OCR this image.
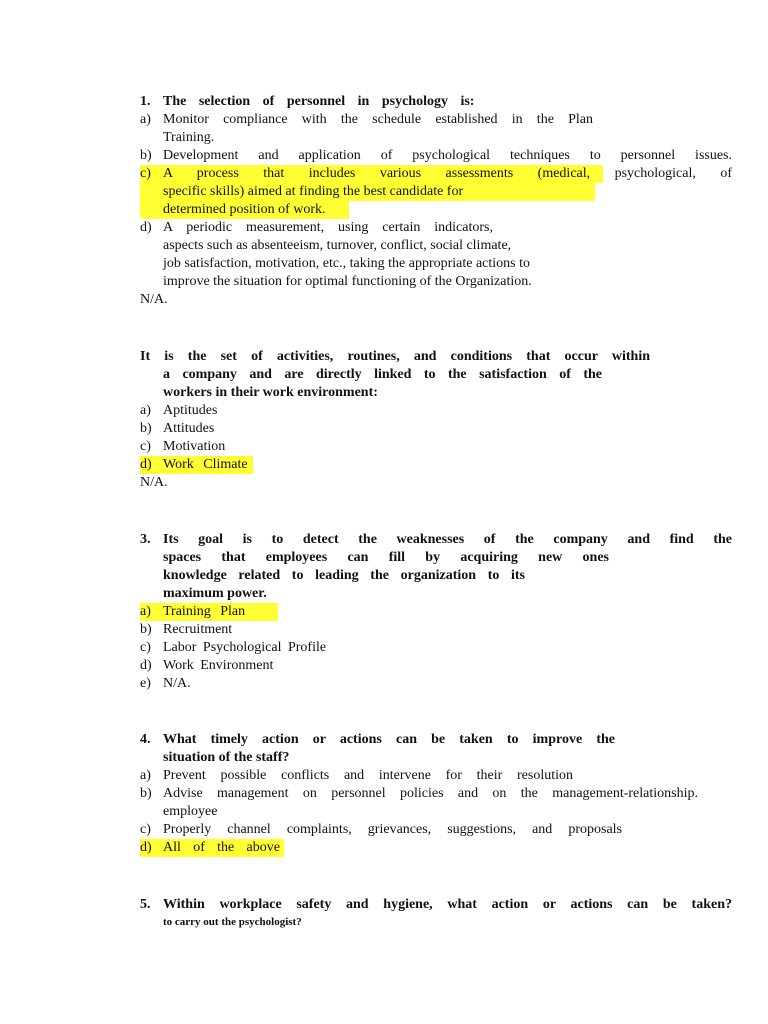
1. The selection of personnel in psychology is:
a) Monitor compliance with the schedule established in the Plan
Training.
b) Development and application of psychological techniques to personnel issues.
c) A process that includes various assessments (medical, psychological, of
specific skills) aimed at finding the best candidate for
determined position of work.
d) A periodic measurement, using certain indicators,
aspects such as absenteeism, turnover, conflict, social climate,
job satisfaction, motivation, etc., taking the appropriate actions to
improve the situation for optimal functioning of the Organization.
N/A.
It is the set of activities, routines, and conditions that occur within
a company and are directly linked to the satisfaction of the
workers in their work environment:
a) Aptitudes
b) Attitudes
c) Motivation
d) Work Climate
N/A.
3. Its goal is to detect the weaknesses of the company and find the
spaces that employees can fill by acquiring new ones
knowledge related to leading the organization to its
maximum power.
a) Training Plan
b) Recruitment
c) Labor Psychological Profile
d) Work Environment
e) N/A.
4. What timely action or actions can be taken to improve the
situation of the staff?
a) Prevent possible conflicts and intervene for their resolution
b) Advise management on personnel policies and on the management-relationship.
employee
c) Properly channel complaints, grievances, suggestions, and proposals
d) All of the above
5. Within workplace safety and hygiene, what action or actions can be taken?
to carry out the psychologist?
